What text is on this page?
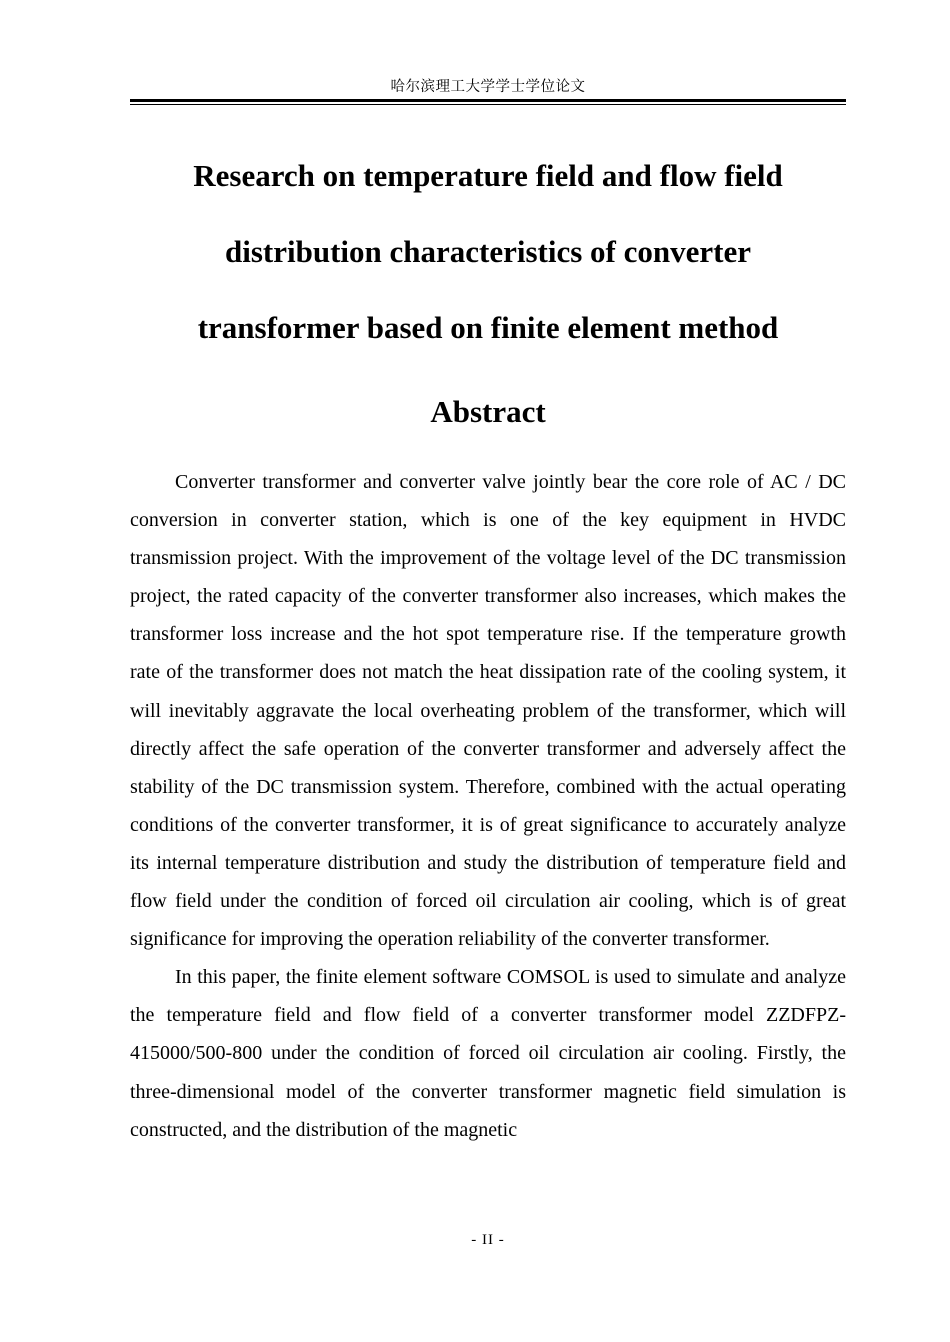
哈尔滨理工大学学士学位论文
Research on temperature field and flow field
distribution characteristics of converter
transformer based on finite element method
Abstract

Converter transformer and converter valve jointly bear the core role of AC / DC conversion in converter station, which is one of the key equipment in HVDC transmission project. With the improvement of the voltage level of the DC transmission project, the rated capacity of the converter transformer also increases, which makes the transformer loss increase and the hot spot temperature rise. If the temperature growth rate of the transformer does not match the heat dissipation rate of the cooling system, it will inevitably aggravate the local overheating problem of the transformer, which will directly affect the safe operation of the converter transformer and adversely affect the stability of the DC transmission system. Therefore, combined with the actual operating conditions of the converter transformer, it is of great significance to accurately analyze its internal temperature distribution and study the distribution of temperature field and flow field under the condition of forced oil circulation air cooling, which is of great significance for improving the operation reliability of the converter transformer.

In this paper, the finite element software COMSOL is used to simulate and analyze the temperature field and flow field of a converter transformer model ZZDFPZ-415000/500-800 under the condition of forced oil circulation air cooling. Firstly, the three-dimensional model of the converter transformer magnetic field simulation is constructed, and the distribution of the magnetic

- II -
